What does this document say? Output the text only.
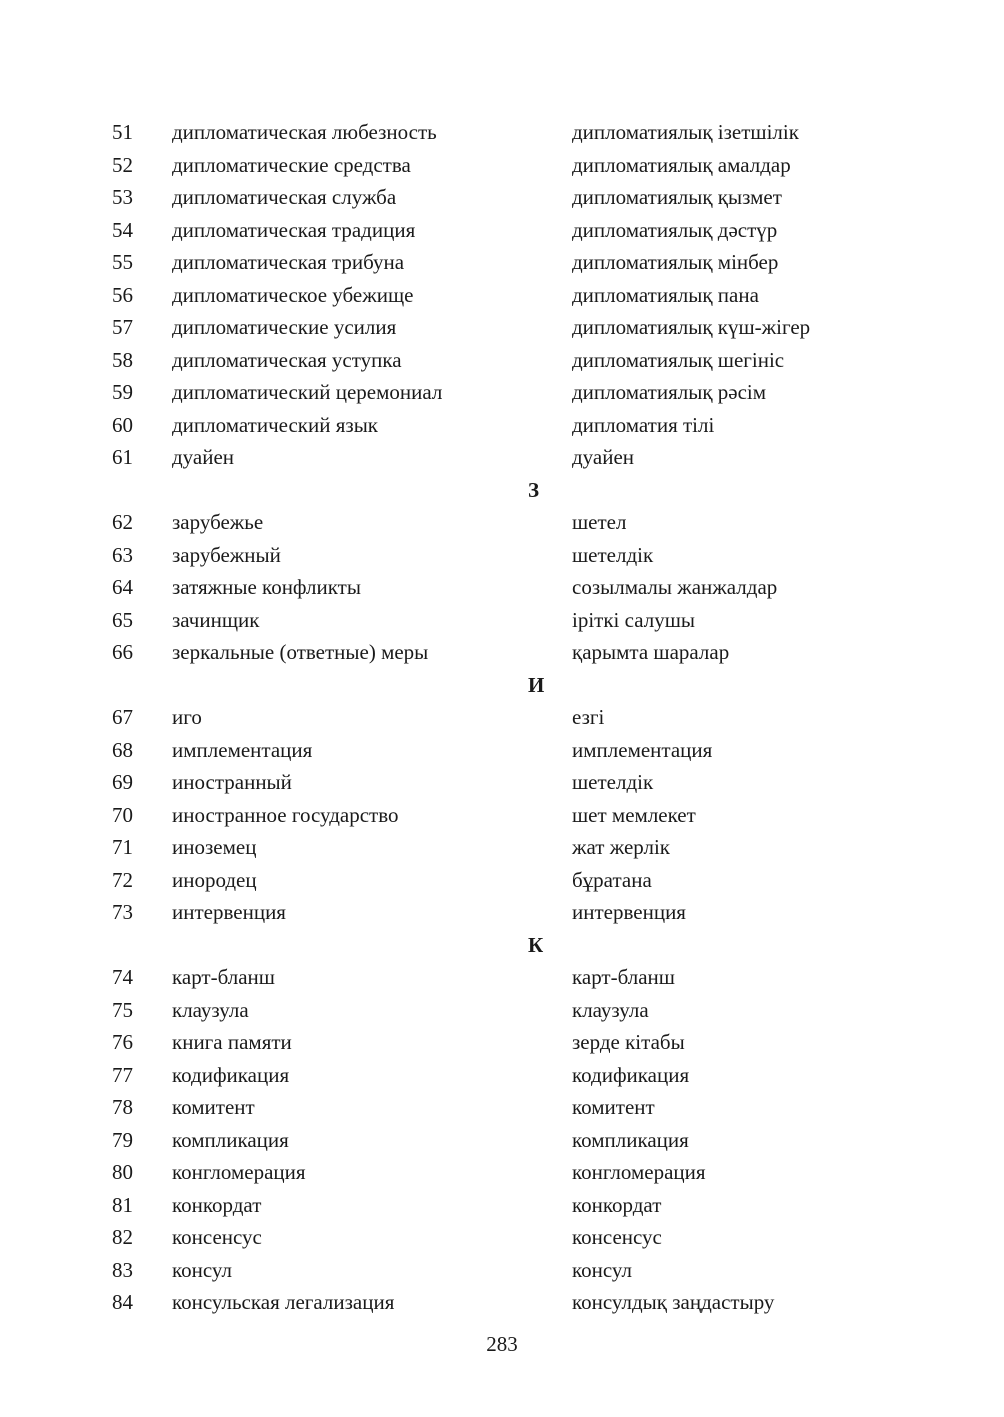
51 дипломатическая любезность	дипломатиялық ізетшілік
52 дипломатические средства	дипломатиялық амалдар
53 дипломатическая служба	дипломатиялық қызмет
54 дипломатическая традиция	дипломатиялық дәстүр
55 дипломатическая трибуна	дипломатиялық мінбер
56 дипломатическое убежище	дипломатиялық пана
57 дипломатические усилия	дипломатиялық күш-жігер
58 дипломатическая уступка	дипломатиялық шегініс
59 дипломатический церемониал	дипломатиялық рәсім
60 дипломатический язык	дипломатия тілі
61 дуайен	дуайен
З
62 зарубежье	шетел
63 зарубежный	шетелдік
64 затяжные конфликты	созылмалы жанжалдар
65 зачинщик	іріткі салушы
66 зеркальные (ответные) меры	қарымта шаралар
И
67 иго	езгі
68 имплементация	имплементация
69 иностранный	шетелдік
70 иностранное государство	шет мемлекет
71 иноземец	жат жерлік
72 инородец	бұратана
73 интервенция	интервенция
К
74 карт-бланш	карт-бланш
75 клаузула	клаузула
76 книга памяти	зерде кітабы
77 кодификация	кодификация
78 комитент	комитент
79 компликация	компликация
80 конгломерация	конгломерация
81 конкордат	конкордат
82 консенсус	консенсус
83 консул	консул
84 консульская легализация	консулдық заңдастыру
283
